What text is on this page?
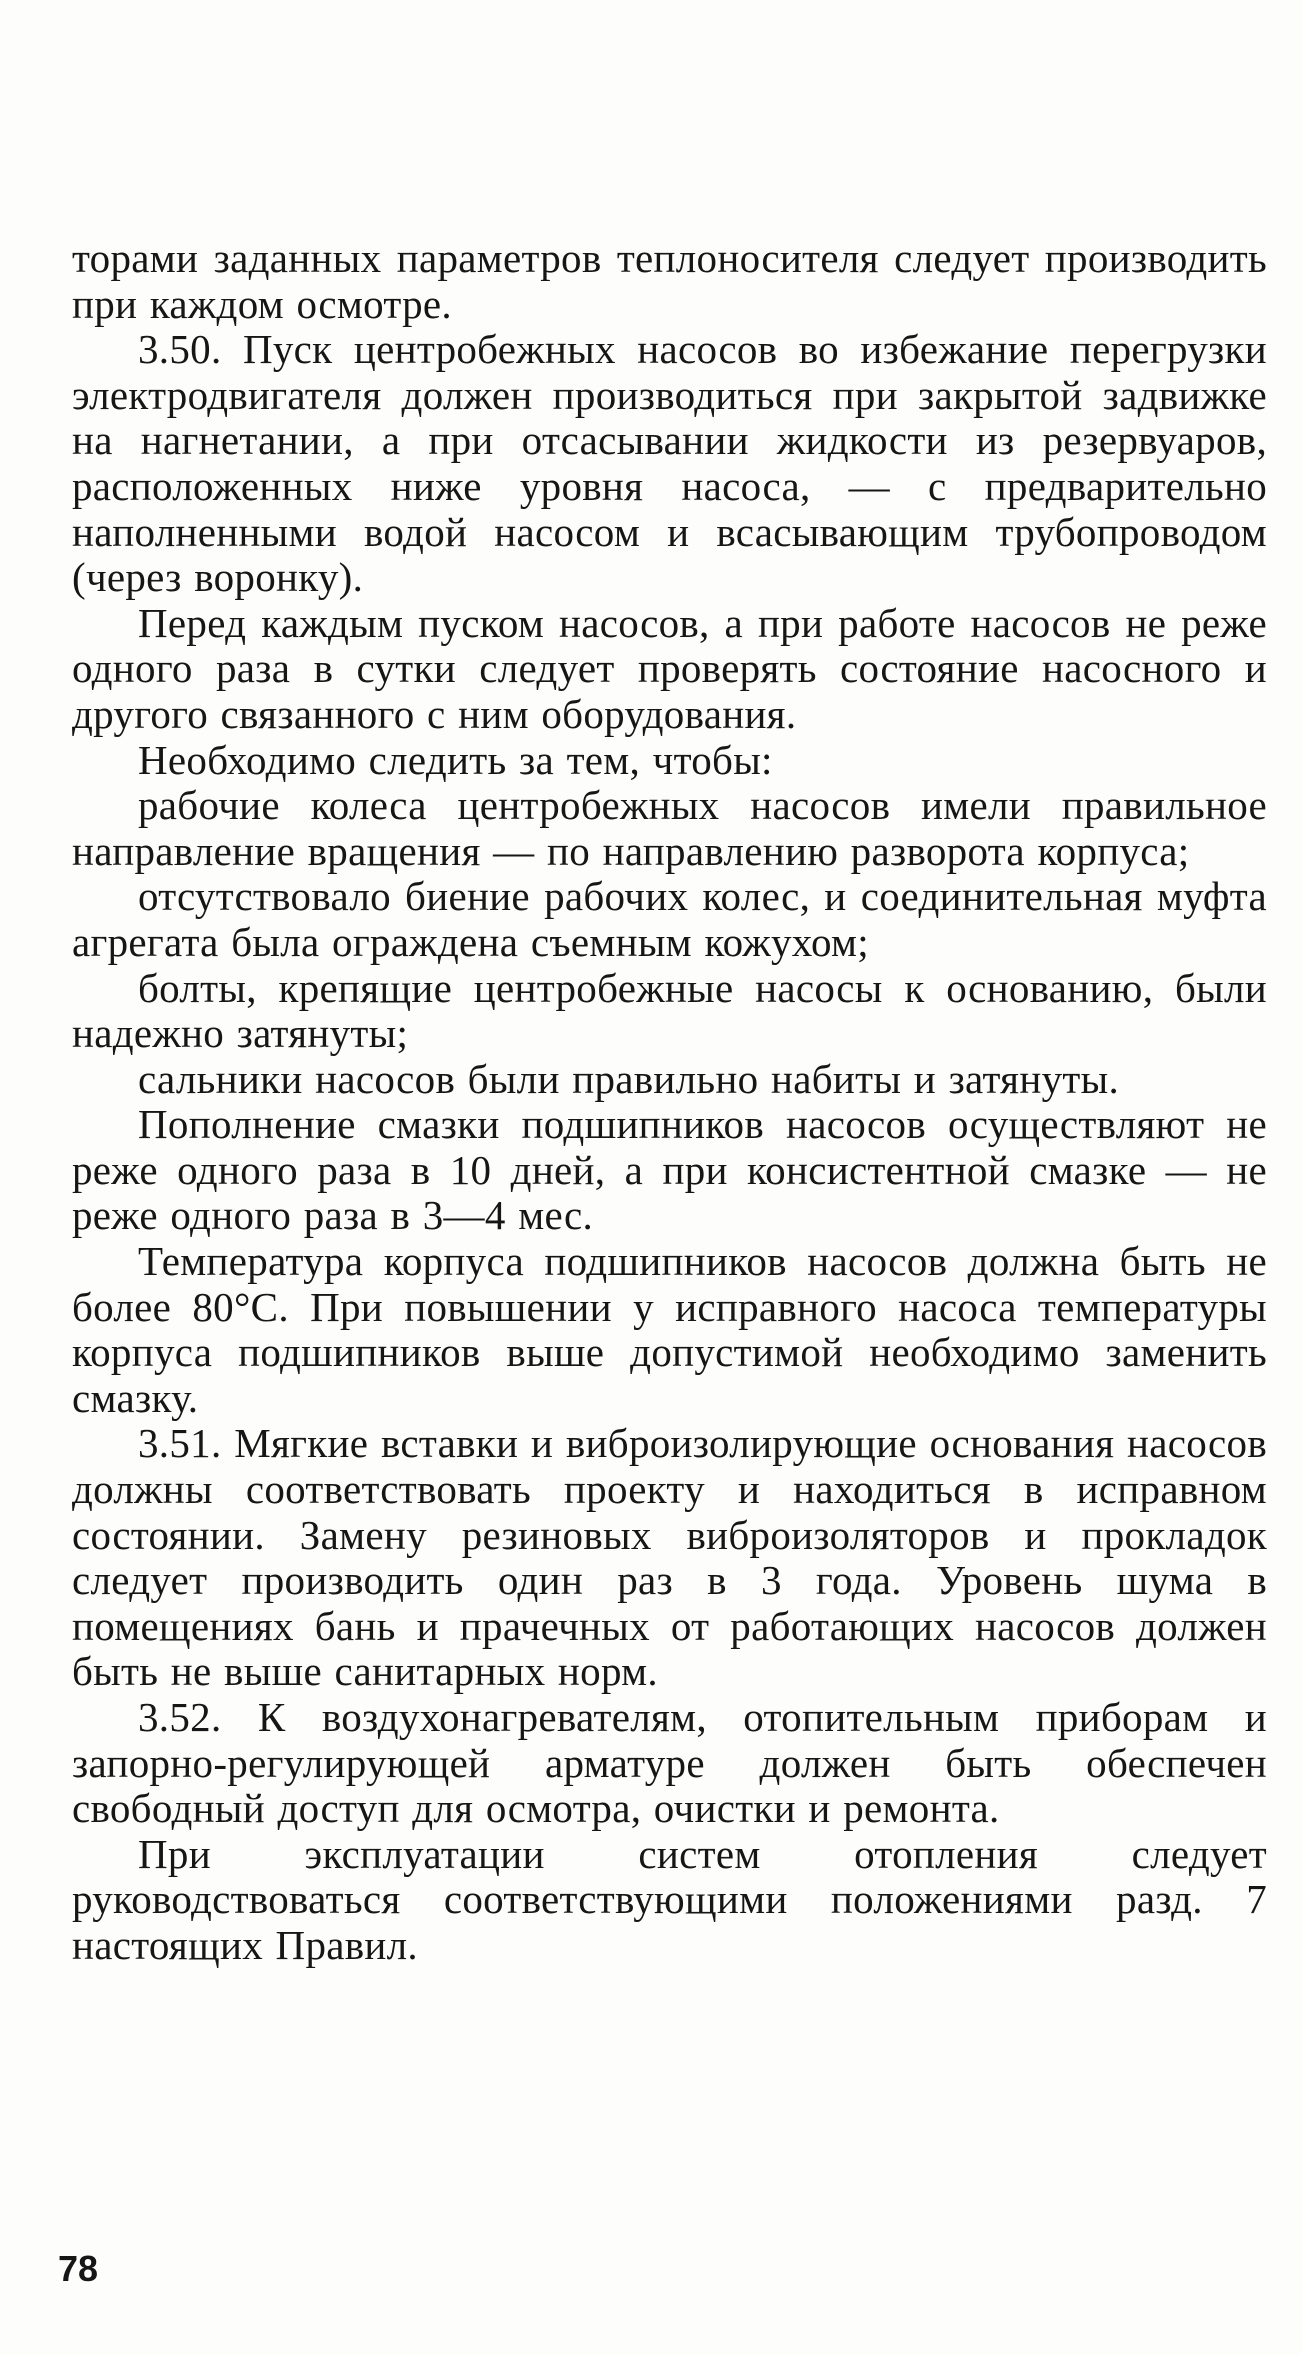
торами заданных параметров теплоносителя следует производить при каждом осмотре.

3.50. Пуск центробежных насосов во избежание перегрузки электродвигателя должен производиться при закрытой задвижке на нагнетании, а при отсасывании жидкости из резервуаров, расположенных ниже уровня насоса, — с предварительно наполненными водой насосом и всасывающим трубопроводом (через воронку).

Перед каждым пуском насосов, а при работе насосов не реже одного раза в сутки следует проверять состояние насосного и другого связанного с ним оборудования.

Необходимо следить за тем, чтобы:

рабочие колеса центробежных насосов имели правильное направление вращения — по направлению разворота корпуса;

отсутствовало биение рабочих колес, и соединительная муфта агрегата была ограждена съемным кожухом;

болты, крепящие центробежные насосы к основанию, были надежно затянуты;

сальники насосов были правильно набиты и затянуты.

Пополнение смазки подшипников насосов осуществляют не реже одного раза в 10 дней, а при консистентной смазке — не реже одного раза в 3—4 мес.

Температура корпуса подшипников насосов должна быть не более 80°С. При повышении у исправного насоса температуры корпуса подшипников выше допустимой необходимо заменить смазку.

3.51. Мягкие вставки и виброизолирующие основания насосов должны соответствовать проекту и находиться в исправном состоянии. Замену резиновых виброизоляторов и прокладок следует производить один раз в 3 года. Уровень шума в помещениях бань и прачечных от работающих насосов должен быть не выше санитарных норм.

3.52. К воздухонагревателям, отопительным приборам и запорно-регулирующей арматуре должен быть обеспечен свободный доступ для осмотра, очистки и ремонта.

При эксплуатации систем отопления следует руководствоваться соответствующими положениями разд. 7 настоящих Правил.

78
